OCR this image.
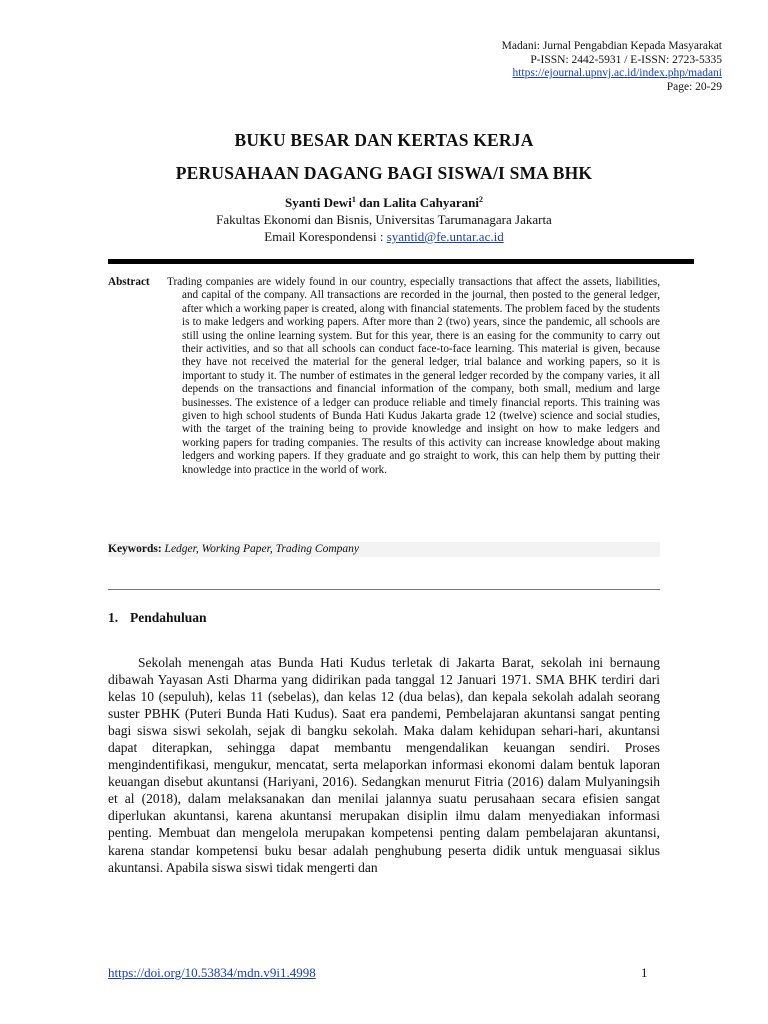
Madani: Jurnal Pengabdian Kepada Masyarakat
P-ISSN: 2442-5931 / E-ISSN: 2723-5335
https://ejournal.upnvj.ac.id/index.php/madani
Page: 20-29
BUKU BESAR DAN KERTAS KERJA
PERUSAHAAN DAGANG BAGI SISWA/I SMA BHK
Syanti Dewi$^1$ dan Lalita Cahyarani$^2$
Fakultas Ekonomi dan Bisnis, Universitas Tarumanagara Jakarta
Email Korespondensi : syantid@fe.untar.ac.id
Abstract Trading companies are widely found in our country, especially transactions that affect the assets, liabilities, and capital of the company. All transactions are recorded in the journal, then posted to the general ledger, after which a working paper is created, along with financial statements. The problem faced by the students is to make ledgers and working papers. After more than 2 (two) years, since the pandemic, all schools are still using the online learning system. But for this year, there is an easing for the community to carry out their activities, and so that all schools can conduct face-to-face learning. This material is given, because they have not received the material for the general ledger, trial balance and working papers, so it is important to study it. The number of estimates in the general ledger recorded by the company varies, it all depends on the transactions and financial information of the company, both small, medium and large businesses. The existence of a ledger can produce reliable and timely financial reports. This training was given to high school students of Bunda Hati Kudus Jakarta grade 12 (twelve) science and social studies, with the target of the training being to provide knowledge and insight on how to make ledgers and working papers for trading companies. The results of this activity can increase knowledge about making ledgers and working papers. If they graduate and go straight to work, this can help them by putting their knowledge into practice in the world of work.
Keywords: Ledger, Working Paper, Trading Company
1. Pendahuluan
Sekolah menengah atas Bunda Hati Kudus terletak di Jakarta Barat, sekolah ini bernaung dibawah Yayasan Asti Dharma yang didirikan pada tanggal 12 Januari 1971. SMA BHK terdiri dari kelas 10 (sepuluh), kelas 11 (sebelas), dan kelas 12 (dua belas), dan kepala sekolah adalah seorang suster PBHK (Puteri Bunda Hati Kudus). Saat era pandemi, Pembelajaran akuntansi sangat penting bagi siswa siswi sekolah, sejak di bangku sekolah. Maka dalam kehidupan sehari-hari, akuntansi dapat diterapkan, sehingga dapat membantu mengendalikan keuangan sendiri. Proses mengindentifikasi, mengukur, mencatat, serta melaporkan informasi ekonomi dalam bentuk laporan keuangan disebut akuntansi (Hariyani, 2016). Sedangkan menurut Fitria (2016) dalam Mulyaningsih et al (2018), dalam melaksanakan dan menilai jalannya suatu perusahaan secara efisien sangat diperlukan akuntansi, karena akuntansi merupakan disiplin ilmu dalam menyediakan informasi penting. Membuat dan mengelola merupakan kompetensi penting dalam pembelajaran akuntansi, karena standar kompetensi buku besar adalah penghubung peserta didik untuk menguasai siklus akuntansi. Apabila siswa siswi tidak mengerti dan
https://doi.org/10.53834/mdn.v9i1.4998	1
